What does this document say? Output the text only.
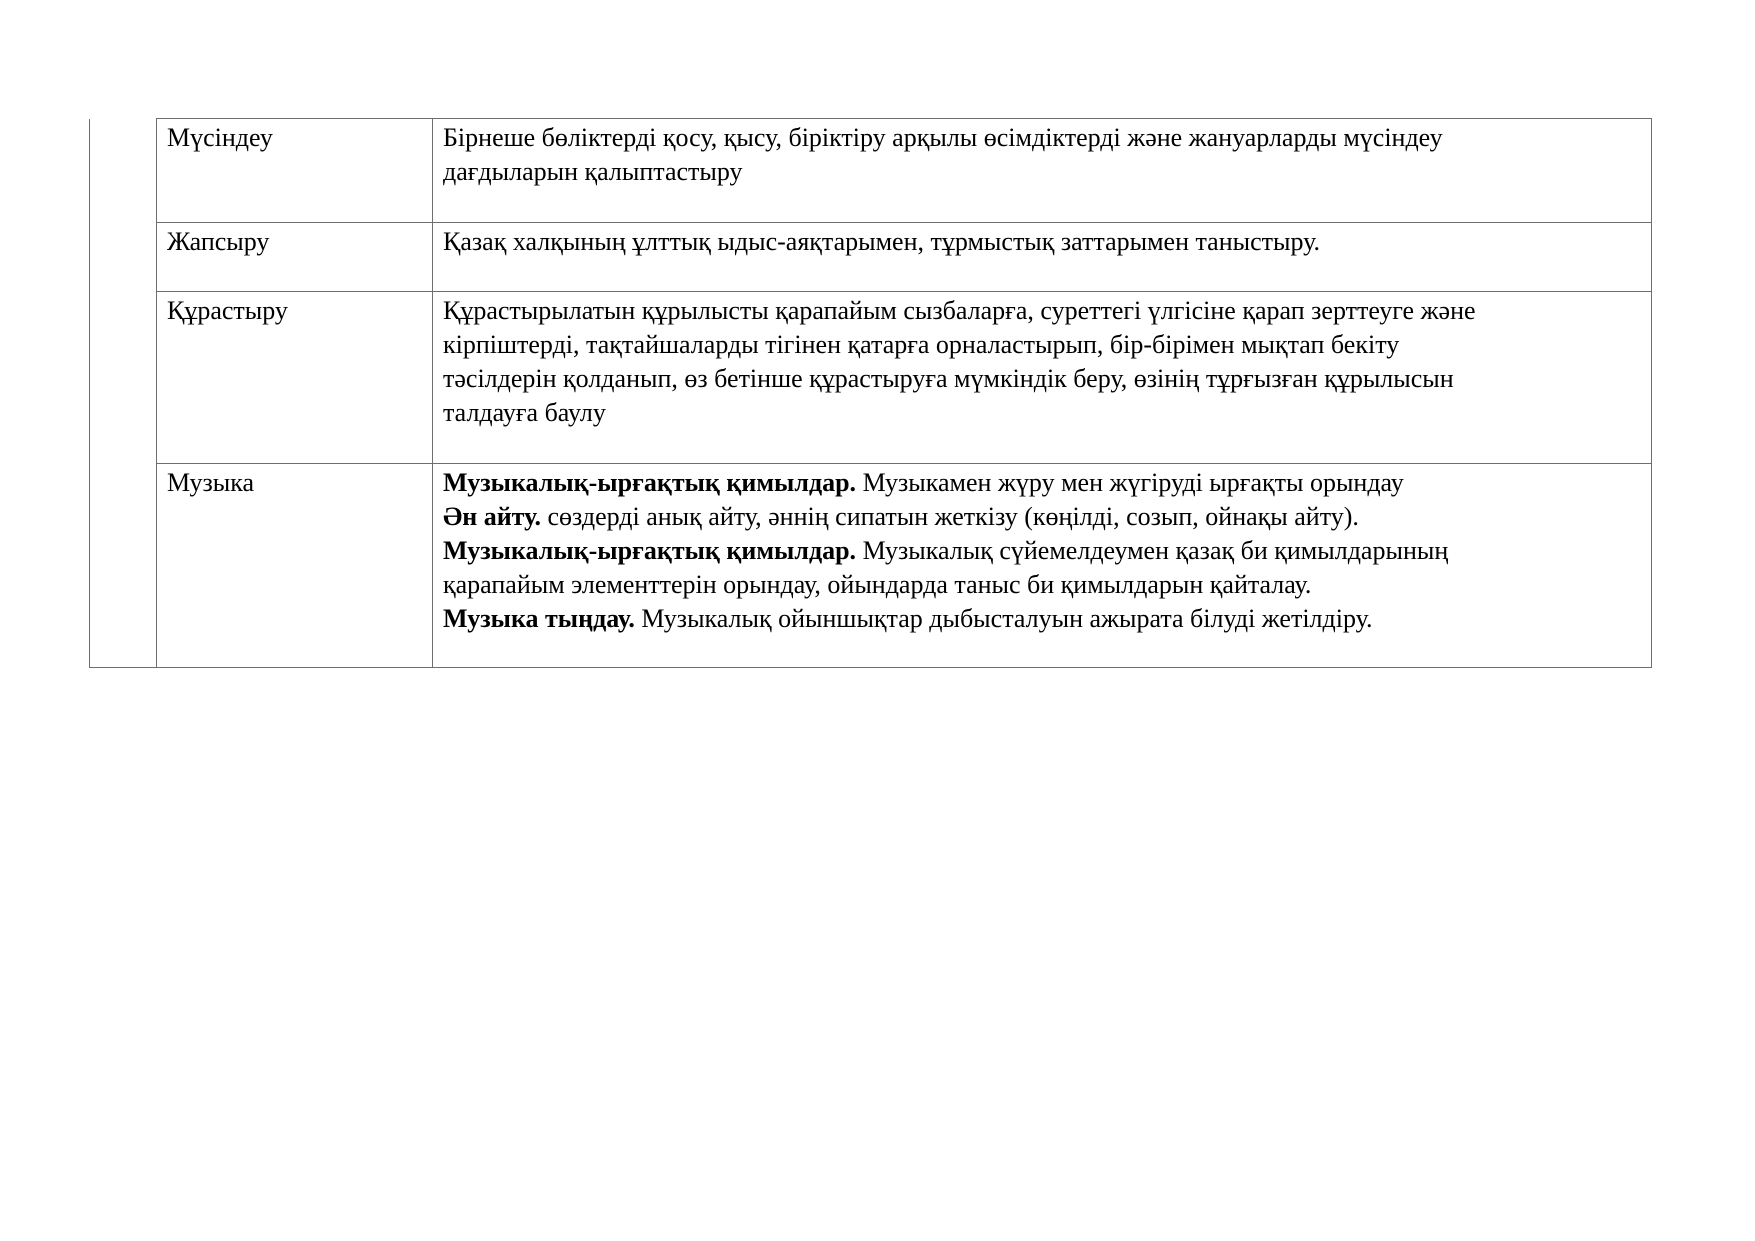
	Мүсіндеу	Бірнеше бөліктерді қосу, қысу, біріктіру арқылы өсімдіктерді және жануарларды мүсіндеу
дағдыларын қалыптастыру

	Жапсыру	Қазақ халқының ұлттық ыдыс-аяқтарымен, тұрмыстық заттарымен таныстыру.

	Құрастыру	Құрастырылатын құрылысты қарапайым сызбаларға, суреттегі үлгісіне қарап зерттеуге және
кірпіштерді, тақтайшаларды тігінен қатарға орналастырып, бір-бірімен мықтап бекіту
тәсілдерін қолданып, өз бетінше құрастыруға мүмкіндік беру, өзінің тұрғызған құрылысын
талдауға баулу

	Музыка	Музыкалық-ырғақтық қимылдар. Музыкамен жүру мен жүгіруді ырғақты орындау
Ән айту. сөздерді анық айту, әннің сипатын жеткізу (көңілді, созып, ойнақы айту).
Музыкалық-ырғақтық қимылдар. Музыкалық сүйемелдеумен қазақ би қимылдарының
қарапайым элементтерін орындау, ойындарда таныс би қимылдарын қайталау.
Музыка тыңдау. Музыкалық ойыншықтар дыбысталуын ажырата білуді жетілдіру.
